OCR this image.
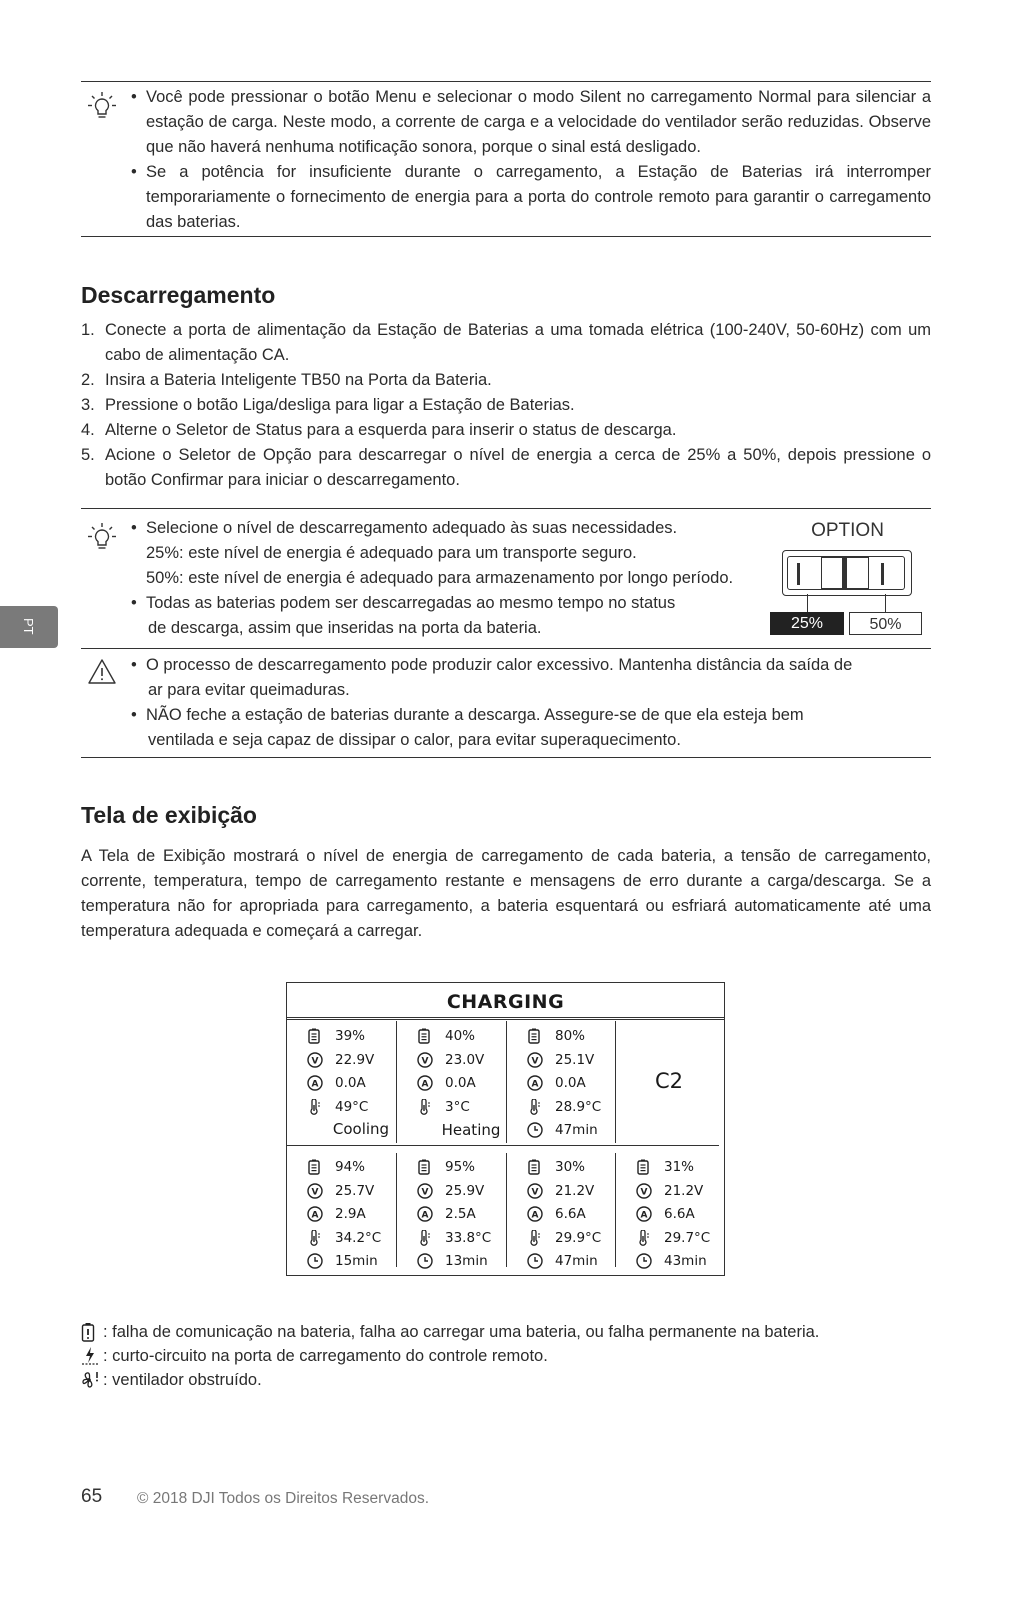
• Você pode pressionar o botão Menu e selecionar o modo Silent no carregamento Normal para silenciar a estação de carga. Neste modo, a corrente de carga e a velocidade do ventilador serão reduzidas. Observe que não haverá nenhuma notificação sonora, porque o sinal está desligado.
• Se a potência for insuficiente durante o carregamento, a Estação de Baterias irá interromper temporariamente o fornecimento de energia para a porta do controle remoto para garantir o carregamento das baterias.
Descarregamento
1. Conecte a porta de alimentação da Estação de Baterias a uma tomada elétrica (100-240V, 50-60Hz) com um cabo de alimentação CA.
2. Insira a Bateria Inteligente TB50 na Porta da Bateria.
3. Pressione o botão Liga/desliga para ligar a Estação de Baterias.
4. Alterne o Seletor de Status para a esquerda para inserir o status de descarga.
5. Acione o Seletor de Opção para descarregar o nível de energia a cerca de 25% a 50%, depois pressione o botão Confirmar para iniciar o descarregamento.
• Selecione o nível de descarregamento adequado às suas necessidades.
25%: este nível de energia é adequado para um transporte seguro.
50%: este nível de energia é adequado para armazenamento por longo período.
• Todas as baterias podem ser descarregadas ao mesmo tempo no status
de descarga, assim que inseridas na porta da bateria.
OPTION
25%	50%
PT
• O processo de descarregamento pode produzir calor excessivo. Mantenha distância da saída de
ar para evitar queimaduras.
• NÃO feche a estação de baterias durante a descarga. Assegure-se de que ela esteja bem
ventilada e seja capaz de dissipar o calor, para evitar superaquecimento.
Tela de exibição
A Tela de Exibição mostrará o nível de energia de carregamento de cada bateria, a tensão de carregamento, corrente, temperatura, tempo de carregamento restante e mensagens de erro durante a carga/descarga. Se a temperatura não for apropriada para carregamento, a bateria esquentará ou esfriará automaticamente até uma temperatura adequada e começará a carregar.
CHARGING
39%
V 22.9V
A 0.0A
49°C
Cooling
40%
V 23.0V
A 0.0A
3°C
Heating
80%
V 25.1V
A 0.0A
28.9°C
47min
C2
94%
V 25.7V
A 2.9A
34.2°C
15min
95%
V 25.9V
A 2.5A
33.8°C
13min
30%
V 21.2V
A 6.6A
29.9°C
47min
31%
V 21.2V
A 6.6A
29.7°C
43min
: falha de comunicação na bateria, falha ao carregar uma bateria, ou falha permanente na bateria.
: curto-circuito na porta de carregamento do controle remoto.
: ventilador obstruído.
65 © 2018 DJI Todos os Direitos Reservados.
